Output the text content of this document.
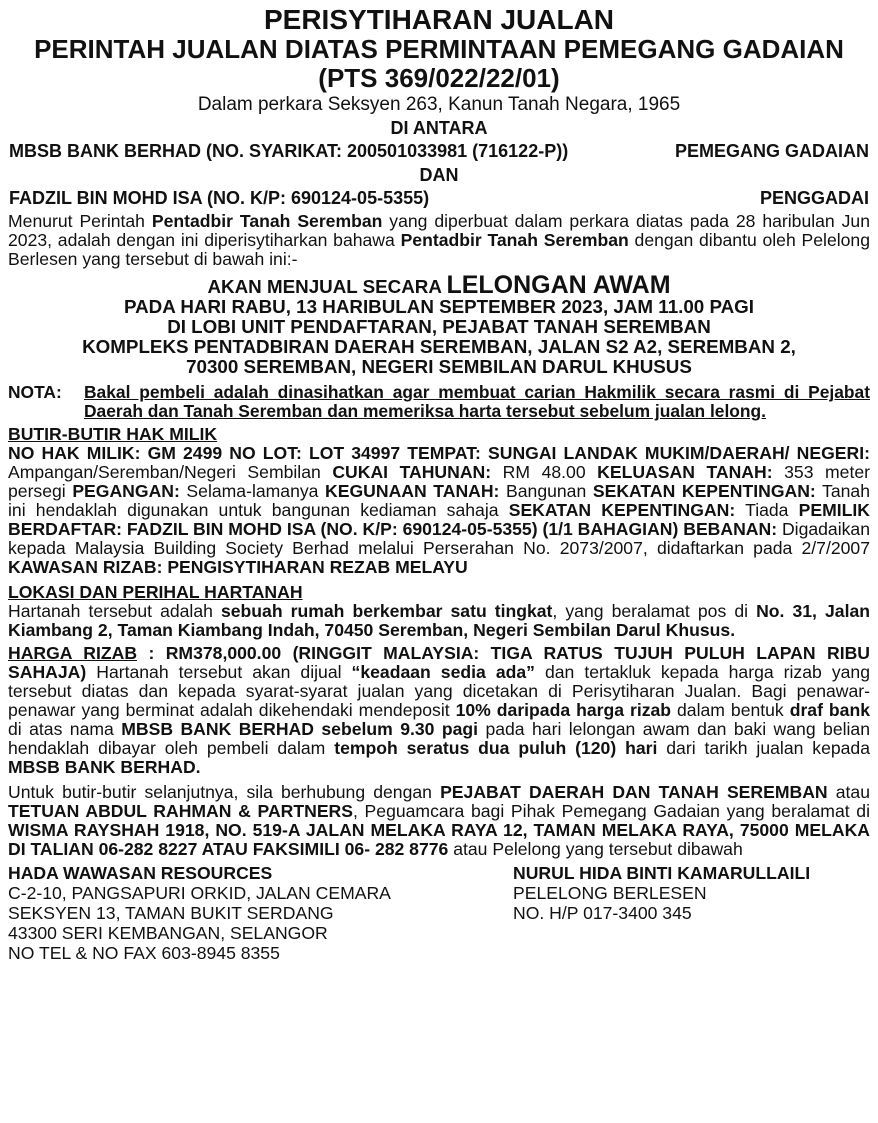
PERISYTIHARAN JUALAN
PERINTAH JUALAN DIATAS PERMINTAAN PEMEGANG GADAIAN
(PTS 369/022/22/01)
Dalam perkara Seksyen 263, Kanun Tanah Negara, 1965
DI ANTARA
MBSB BANK BERHAD (NO. SYARIKAT: 200501033981 (716122-P))	PEMEGANG GADAIAN
DAN
FADZIL BIN MOHD ISA (NO. K/P: 690124-05-5355)	PENGGADAI

Menurut Perintah Pentadbir Tanah Seremban yang diperbuat dalam perkara diatas pada 28 haribulan Jun 2023, adalah dengan ini diperisytiharkan bahawa Pentadbir Tanah Seremban dengan dibantu oleh Pelelong Berlesen yang tersebut di bawah ini:-

AKAN MENJUAL SECARA LELONGAN AWAM
PADA HARI RABU, 13 HARIBULAN SEPTEMBER 2023, JAM 11.00 PAGI
DI LOBI UNIT PENDAFTARAN, PEJABAT TANAH SEREMBAN
KOMPLEKS PENTADBIRAN DAERAH SEREMBAN, JALAN S2 A2, SEREMBAN 2,
70300 SEREMBAN, NEGERI SEMBILAN DARUL KHUSUS
NOTA:	Bakal pembeli adalah dinasihatkan agar membuat carian Hakmilik secara rasmi di Pejabat Daerah dan Tanah Seremban dan memeriksa harta tersebut sebelum jualan lelong.
BUTIR-BUTIR HAK MILIK

NO HAK MILIK: GM 2499 NO LOT: LOT 34997 TEMPAT: SUNGAI LANDAK MUKIM/DAERAH/ NEGERI: Ampangan/Seremban/Negeri Sembilan CUKAI TAHUNAN: RM 48.00 KELUASAN TANAH: 353 meter persegi PEGANGAN: Selama-lamanya KEGUNAAN TANAH: Bangunan SEKATAN KEPENTINGAN: Tanah ini hendaklah digunakan untuk bangunan kediaman sahaja SEKATAN KEPENTINGAN: Tiada PEMILIK BERDAFTAR: FADZIL BIN MOHD ISA (NO. K/P: 690124-05-5355) (1/1 BAHAGIAN) BEBANAN: Digadaikan kepada Malaysia Building Society Berhad melalui Perserahan No. 2073/2007, didaftarkan pada 2/7/2007 KAWASAN RIZAB: PENGISYTIHARAN REZAB MELAYU

LOKASI DAN PERIHAL HARTANAH

Hartanah tersebut adalah sebuah rumah berkembar satu tingkat, yang beralamat pos di No. 31, Jalan Kiambang 2, Taman Kiambang Indah, 70450 Seremban, Negeri Sembilan Darul Khusus.

HARGA RIZAB : RM378,000.00 (RINGGIT MALAYSIA: TIGA RATUS TUJUH PULUH LAPAN RIBU SAHAJA) Hartanah tersebut akan dijual “keadaan sedia ada” dan tertakluk kepada harga rizab yang tersebut diatas dan kepada syarat-syarat jualan yang dicetakan di Perisytiharan Jualan. Bagi penawar-penawar yang berminat adalah dikehendaki mendeposit 10% daripada harga rizab dalam bentuk draf bank di atas nama MBSB BANK BERHAD sebelum 9.30 pagi pada hari lelongan awam dan baki wang belian hendaklah dibayar oleh pembeli dalam tempoh seratus dua puluh (120) hari dari tarikh jualan kepada MBSB BANK BERHAD.

Untuk butir-butir selanjutnya, sila berhubung dengan PEJABAT DAERAH DAN TANAH SEREMBAN atau TETUAN ABDUL RAHMAN & PARTNERS, Peguamcara bagi Pihak Pemegang Gadaian yang beralamat di WISMA RAYSHAH 1918, NO. 519-A JALAN MELAKA RAYA 12, TAMAN MELAKA RAYA, 75000 MELAKA DI TALIAN 06-282 8227 ATAU FAKSIMILI 06- 282 8776 atau Pelelong yang tersebut dibawah

HADA WAWASAN RESOURCES
C-2-10, PANGSAPURI ORKID, JALAN CEMARA
SEKSYEN 13, TAMAN BUKIT SERDANG
43300 SERI KEMBANGAN, SELANGOR
NO TEL & NO FAX 603-8945 8355
NURUL HIDA BINTI KAMARULLAILI
PELELONG BERLESEN
NO. H/P 017-3400 345
